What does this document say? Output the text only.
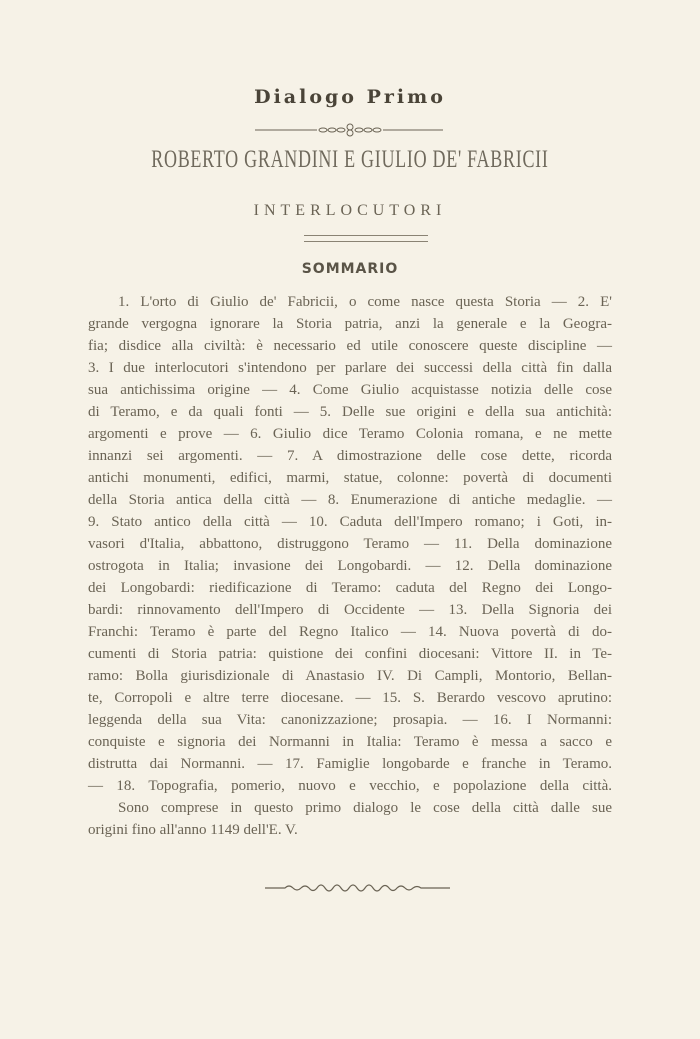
Dialogo Primo
ROBERTO GRANDINI E GIULIO DE' FABRICII
INTERLOCUTORI
SOMMARIO
1. L'orto di Giulio de' Fabricii, o come nasce questa Storia — 2. E'
grande vergogna ignorare la Storia patria, anzi la generale e la Geogra-
fia; disdice alla civiltà: è necessario ed utile conoscere queste discipline —
3. I due interlocutori s'intendono per parlare dei successi della città fin dalla
sua antichissima origine — 4. Come Giulio acquistasse notizia delle cose
di Teramo, e da quali fonti — 5. Delle sue origini e della sua antichità:
argomenti e prove — 6. Giulio dice Teramo Colonia romana, e ne mette
innanzi sei argomenti. — 7. A dimostrazione delle cose dette, ricorda
antichi monumenti, edifici, marmi, statue, colonne: povertà di documenti
della Storia antica della città — 8. Enumerazione di antiche medaglie. —
9. Stato antico della città — 10. Caduta dell'Impero romano; i Goti, in-
vasori d'Italia, abbattono, distruggono Teramo — 11. Della dominazione
ostrogota in Italia; invasione dei Longobardi. — 12. Della dominazione
dei Longobardi: riedificazione di Teramo: caduta del Regno dei Longo-
bardi: rinnovamento dell'Impero di Occidente — 13. Della Signoria dei
Franchi: Teramo è parte del Regno Italico — 14. Nuova povertà di do-
cumenti di Storia patria: quistione dei confini diocesani: Vittore II. in Te-
ramo: Bolla giurisdizionale di Anastasio IV. Di Campli, Montorio, Bellan-
te, Corropoli e altre terre diocesane. — 15. S. Berardo vescovo aprutino:
leggenda della sua Vita: canonizzazione; prosapia. — 16. I Normanni:
conquiste e signoria dei Normanni in Italia: Teramo è messa a sacco e
distrutta dai Normanni. — 17. Famiglie longobarde e franche in Teramo.
— 18. Topografia, pomerio, nuovo e vecchio, e popolazione della città.
Sono comprese in questo primo dialogo le cose della città dalle sue
origini fino all'anno 1149 dell'E. V.
